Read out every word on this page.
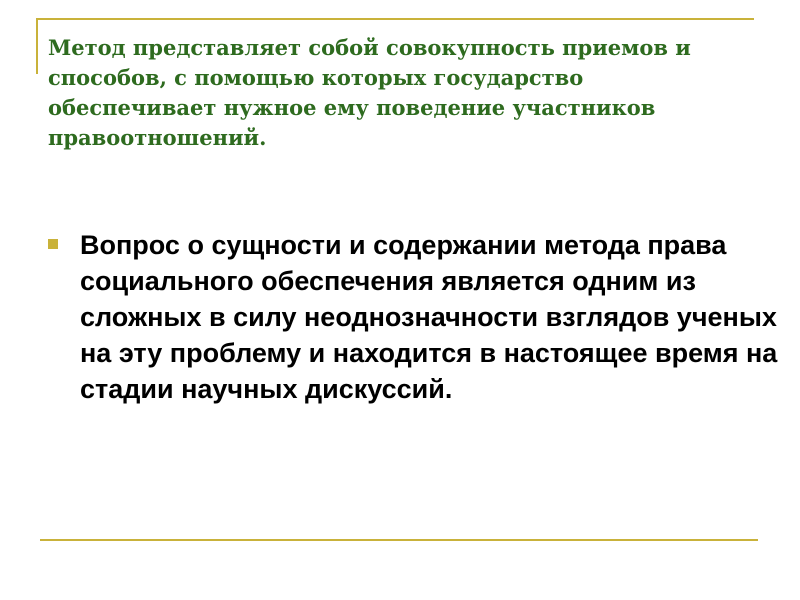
Метод представляет собой совокупность приемов и способов, с помощью которых государство обеспечивает нужное ему поведение участников правоотношений.

Вопрос о сущности и содержании метода права социального обеспечения является одним из сложных в силу неоднозначности взглядов ученых на эту проблему и находится в настоящее время на стадии научных дискуссий.
